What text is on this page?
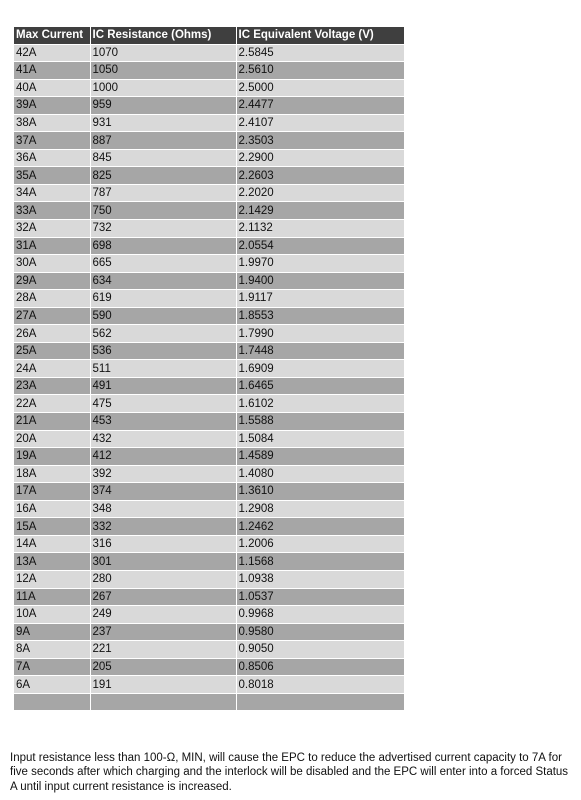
Max Current	IC Resistance (Ohms)	IC Equivalent Voltage (V)
42A	1070	2.5845
41A	1050	2.5610
40A	1000	2.5000
39A	959	2.4477
38A	931	2.4107
37A	887	2.3503
36A	845	2.2900
35A	825	2.2603
34A	787	2.2020
33A	750	2.1429
32A	732	2.1132
31A	698	2.0554
30A	665	1.9970
29A	634	1.9400
28A	619	1.9117
27A	590	1.8553
26A	562	1.7990
25A	536	1.7448
24A	511	1.6909
23A	491	1.6465
22A	475	1.6102
21A	453	1.5588
20A	432	1.5084
19A	412	1.4589
18A	392	1.4080
17A	374	1.3610
16A	348	1.2908
15A	332	1.2462
14A	316	1.2006
13A	301	1.1568
12A	280	1.0938
11A	267	1.0537
10A	249	0.9968
9A	237	0.9580
8A	221	0.9050
7A	205	0.8506
6A	191	0.8018

Input resistance less than 100-Ω, MIN, will cause the EPC to reduce the advertised current capacity to 7A for five seconds after which charging and the interlock will be disabled and the EPC will enter into a forced Status A until input current resistance is increased.
